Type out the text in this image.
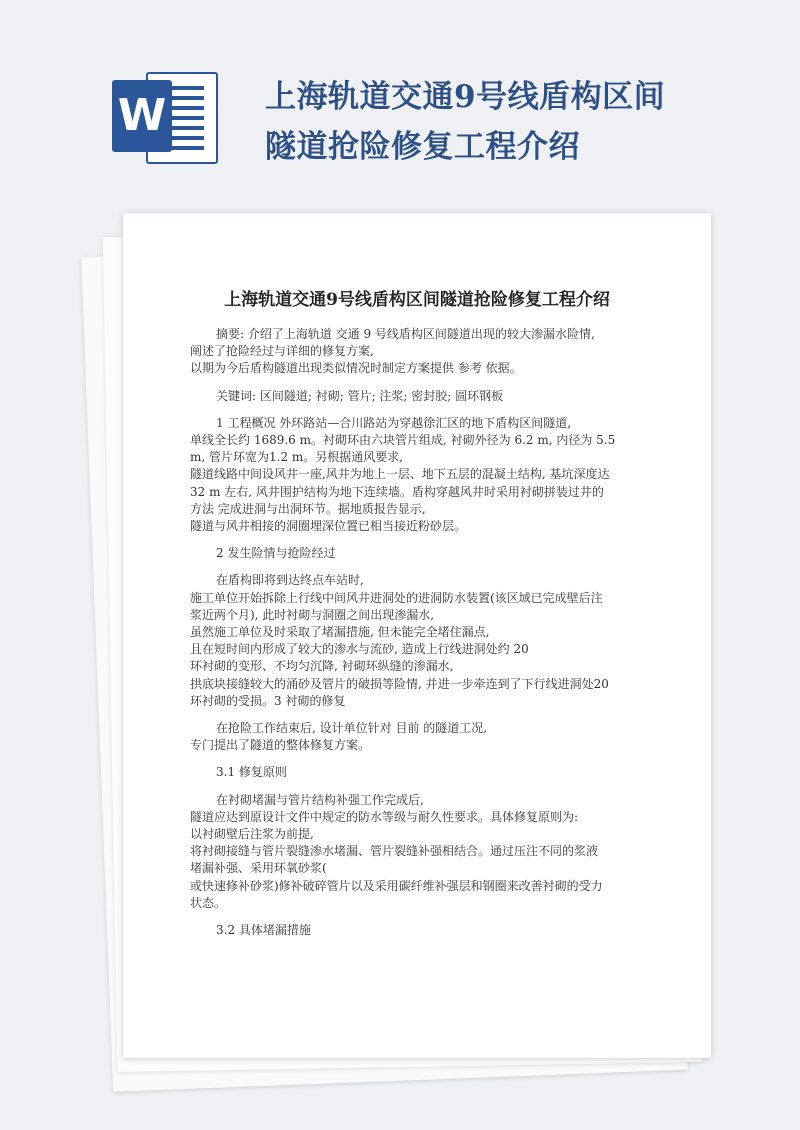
W	上海轨道交通9号线盾构区间
隧道抢险修复工程介绍
上海轨道交通9号线盾构区间隧道抢险修复工程介绍

摘要: 介绍了上海轨道 交通 9 号线盾构区间隧道出现的较大渗漏水险情,
阐述了抢险经过与详细的修复方案,
以期为今后盾构隧道出现类似情况时制定方案提供 参考 依据。

关键词: 区间隧道; 衬砌; 管片; 注浆; 密封胶; 圆环钢板

1 工程概况 外环路站—合川路站为穿越徐汇区的地下盾构区间隧道,
单线全长约 1689.6 m。衬砌环由六块管片组成, 衬砌外径为 6.2 m, 内径为 5.5
m, 管片环宽为1.2 m。另根据通风要求,
隧道线路中间设风井一座,风井为地上一层、地下五层的混凝土结构, 基坑深度达
32 m 左右, 风井围护结构为地下连续墙。盾构穿越风井时采用衬砌拼装过井的
方法 完成进洞与出洞环节。据地质报告显示,
隧道与风井相接的洞圈埋深位置已相当接近粉砂层。

2 发生险情与抢险经过

在盾构即将到达终点车站时,
施工单位开始拆除上行线中间风井进洞处的进洞防水装置(该区域已完成壁后注
浆近两个月), 此时衬砌与洞圈之间出现渗漏水,
虽然施工单位及时采取了堵漏措施, 但未能完全堵住漏点,
且在短时间内形成了较大的渗水与流砂, 造成上行线进洞处约 20
环衬砌的变形、不均匀沉降, 衬砌环纵缝的渗漏水,
拱底块接缝较大的涌砂及管片的破损等险情, 并进一步牵连到了下行线进洞处20
环衬砌的受损。3 衬砌的修复

在抢险工作结束后, 设计单位针对 目前 的隧道工况,
专门提出了隧道的整体修复方案。

3.1 修复原则

在衬砌堵漏与管片结构补强工作完成后,
隧道应达到原设计文件中规定的防水等级与耐久性要求。具体修复原则为:
以衬砌壁后注浆为前提,
将衬砌接缝与管片裂缝渗水堵漏、管片裂缝补强相结合。通过压注不同的浆液
堵漏补强、采用环氧砂浆(
或快速修补砂浆)修补破碎管片以及采用碳纤维补强层和钢圈来改善衬砌的受力
状态。

3.2 具体堵漏措施
